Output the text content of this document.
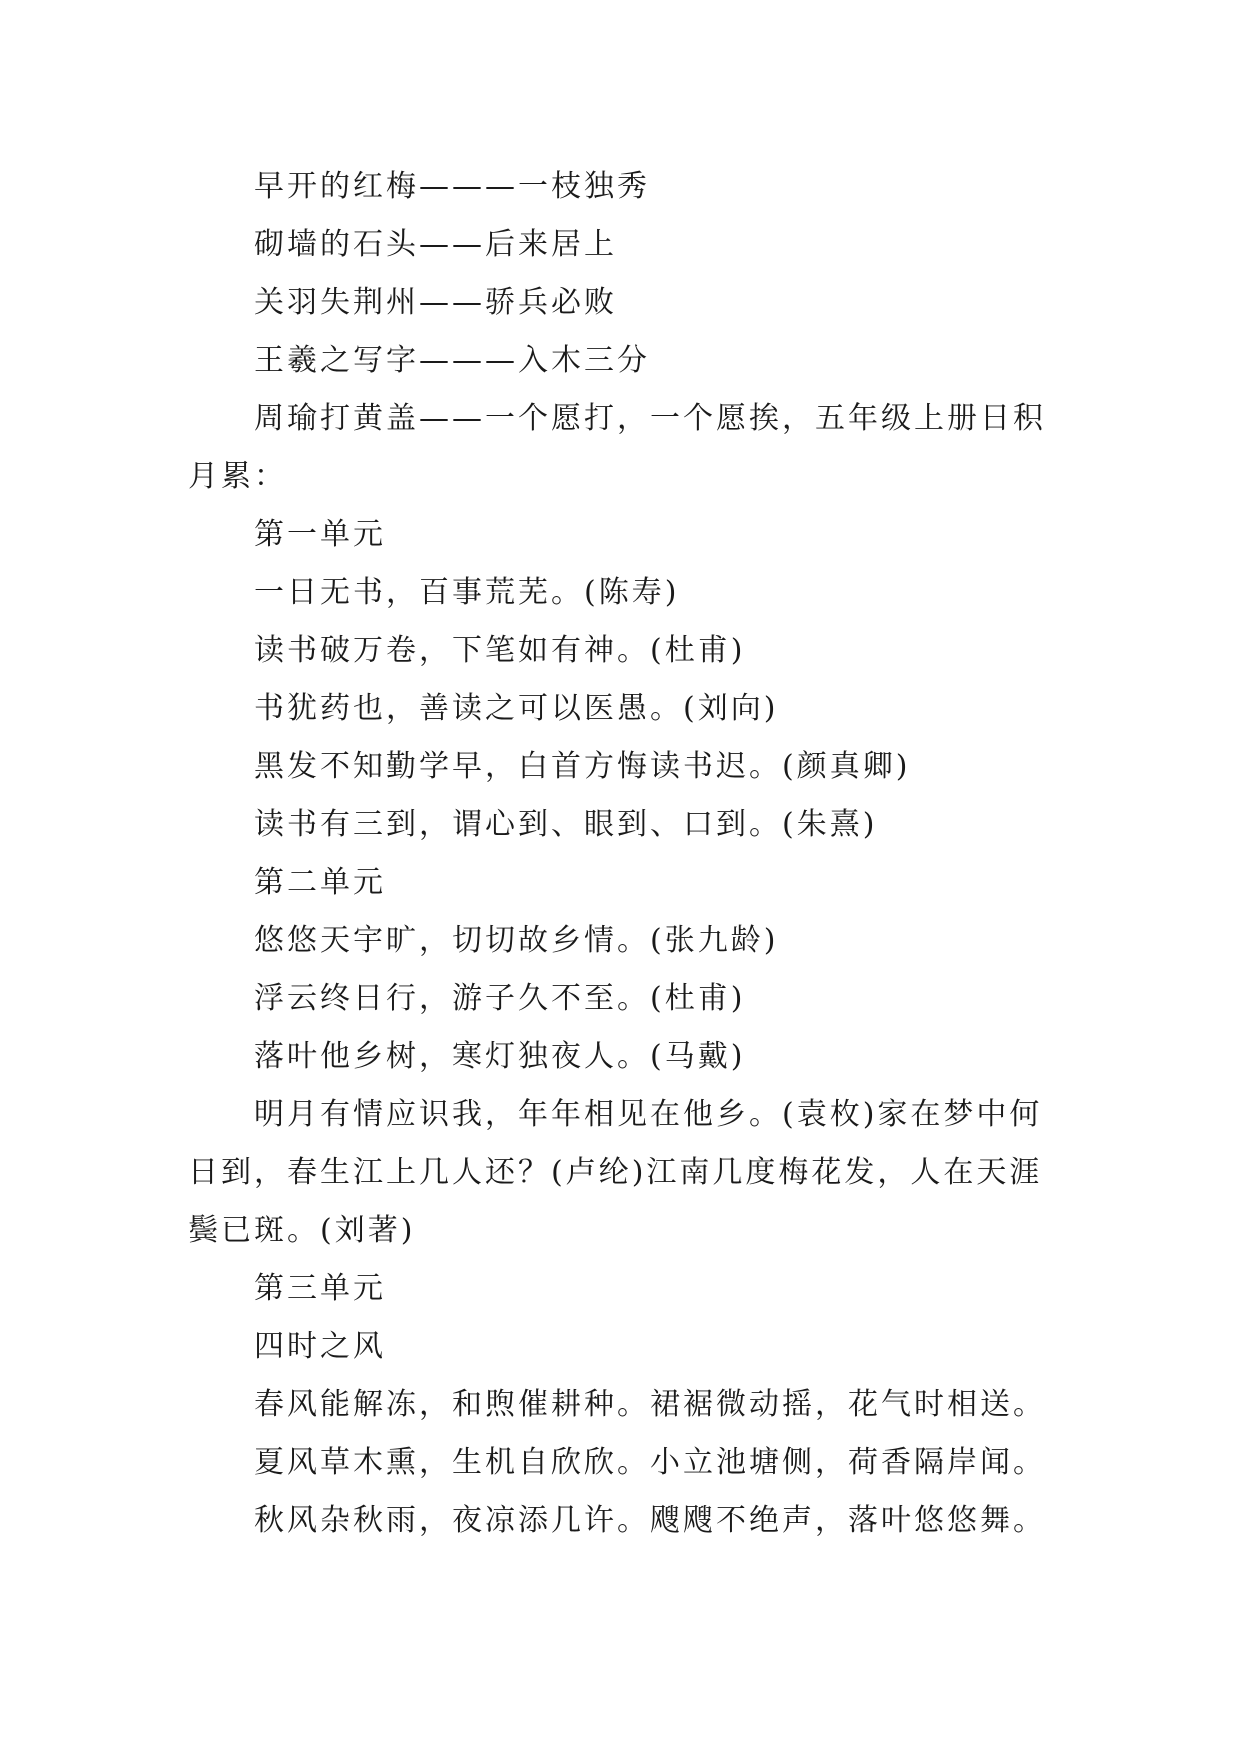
早开的红梅———一枝独秀

砌墙的石头——后来居上

关羽失荆州——骄兵必败

王羲之写字———入木三分

周瑜打黄盖——一个愿打，一个愿挨，五年级上册日积月累：

第一单元

一日无书，百事荒芜。(陈寿)

读书破万卷，下笔如有神。(杜甫)

书犹药也，善读之可以医愚。(刘向)

黑发不知勤学早，白首方悔读书迟。(颜真卿)

读书有三到，谓心到、眼到、口到。(朱熹)

第二单元

悠悠天宇旷，切切故乡情。(张九龄)

浮云终日行，游子久不至。(杜甫)

落叶他乡树，寒灯独夜人。(马戴)

明月有情应识我，年年相见在他乡。(袁枚)家在梦中何日到，春生江上几人还？(卢纶)江南几度梅花发，人在天涯鬓已斑。(刘著)

第三单元

四时之风

春风能解冻，和煦催耕种。裙裾微动摇，花气时相送。

夏风草木熏，生机自欣欣。小立池塘侧，荷香隔岸闻。

秋风杂秋雨，夜凉添几许。飕飕不绝声，落叶悠悠舞。
